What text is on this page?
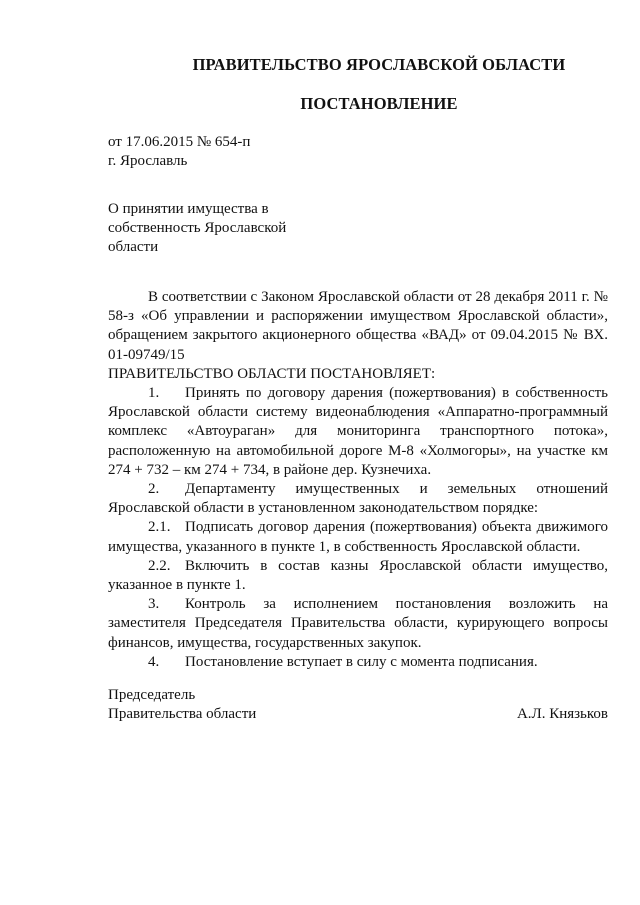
ПРАВИТЕЛЬСТВО ЯРОСЛАВСКОЙ ОБЛАСТИ
ПОСТАНОВЛЕНИЕ
от 17.06.2015 № 654-п
г. Ярославль
О принятии имущества в
собственность Ярославской
области

В соответствии с Законом Ярославской области от 28 декабря 2011 г. № 58-з «Об управлении и распоряжении имуществом Ярославской области», обращением закрытого акционерного общества «ВАД» от 09.04.2015 № ВХ. 01-09749/15

ПРАВИТЕЛЬСТВО ОБЛАСТИ ПОСТАНОВЛЯЕТ:

1. Принять по договору дарения (пожертвования) в собственность Ярославской области систему видеонаблюдения «Аппаратно-программный комплекс «Автоураган» для мониторинга транспортного потока», расположенную на автомобильной дороге М-8 «Холмогоры», на участке км 274 + 732 – км 274 + 734, в районе дер. Кузнечиха.

2. Департаменту имущественных и земельных отношений Ярославской области в установленном законодательством порядке:

2.1. Подписать договор дарения (пожертвования) объекта движимого имущества, указанного в пункте 1, в собственность Ярославской области.

2.2. Включить в состав казны Ярославской области имущество, указанное в пункте 1.

3. Контроль за исполнением постановления возложить на заместителя Председателя Правительства области, курирующего вопросы финансов, имущества, государственных закупок.

4. Постановление вступает в силу с момента подписания.

Председатель
Правительства области	А.Л. Князьков
